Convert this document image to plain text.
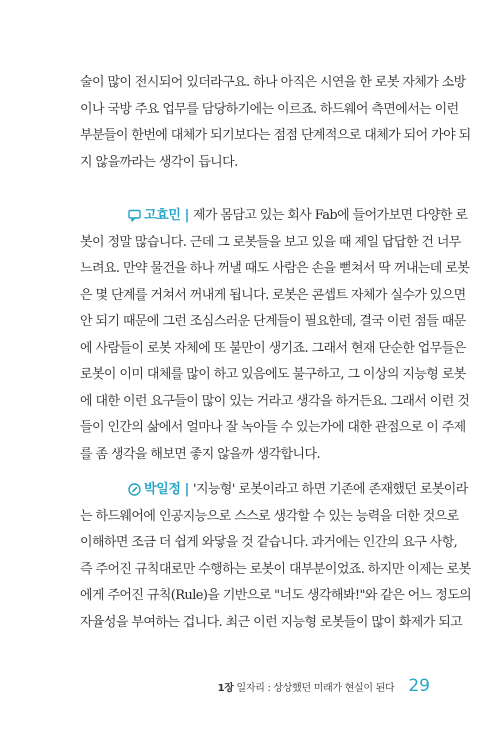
술이 많이 전시되어 있더라구요. 하나 아직은 시연을 한 로봇 자체가 소방
이나 국방 주요 업무를 담당하기에는 이르죠. 하드웨어 측면에서는 이런
부분들이 한번에 대체가 되기보다는 점점 단계적으로 대체가 되어 가야 되
지 않을까라는 생각이 듭니다.
고효민 | 제가 몸담고 있는 회사 Fab에 들어가보면 다양한 로
봇이 정말 많습니다. 근데 그 로봇들을 보고 있을 때 제일 답답한 건 너무
느려요. 만약 물건을 하나 꺼낼 때도 사람은 손을 뻗쳐서 딱 꺼내는데 로봇
은 몇 단계를 거쳐서 꺼내게 됩니다. 로봇은 콘셉트 자체가 실수가 있으면
안 되기 때문에 그런 조심스러운 단계들이 필요한데, 결국 이런 점들 때문
에 사람들이 로봇 자체에 또 불만이 생기죠. 그래서 현재 단순한 업무들은
로봇이 이미 대체를 많이 하고 있음에도 불구하고, 그 이상의 지능형 로봇
에 대한 이런 요구들이 많이 있는 거라고 생각을 하거든요. 그래서 이런 것
들이 인간의 삶에서 얼마나 잘 녹아들 수 있는가에 대한 관점으로 이 주제
를 좀 생각을 해보면 좋지 않을까 생각합니다.
박일정 | '지능형' 로봇이라고 하면 기존에 존재했던 로봇이라
는 하드웨어에 인공지능으로 스스로 생각할 수 있는 능력을 더한 것으로
이해하면 조금 더 쉽게 와닿을 것 같습니다. 과거에는 인간의 요구 사항,
즉 주어진 규칙대로만 수행하는 로봇이 대부분이었죠. 하지만 이제는 로봇
에게 주어진 규칙(Rule)을 기반으로 "너도 생각해봐!"와 같은 어느 정도의
자율성을 부여하는 겁니다. 최근 이런 지능형 로봇들이 많이 화제가 되고
1장 일자리 : 상상했던 미래가 현실이 된다 29
